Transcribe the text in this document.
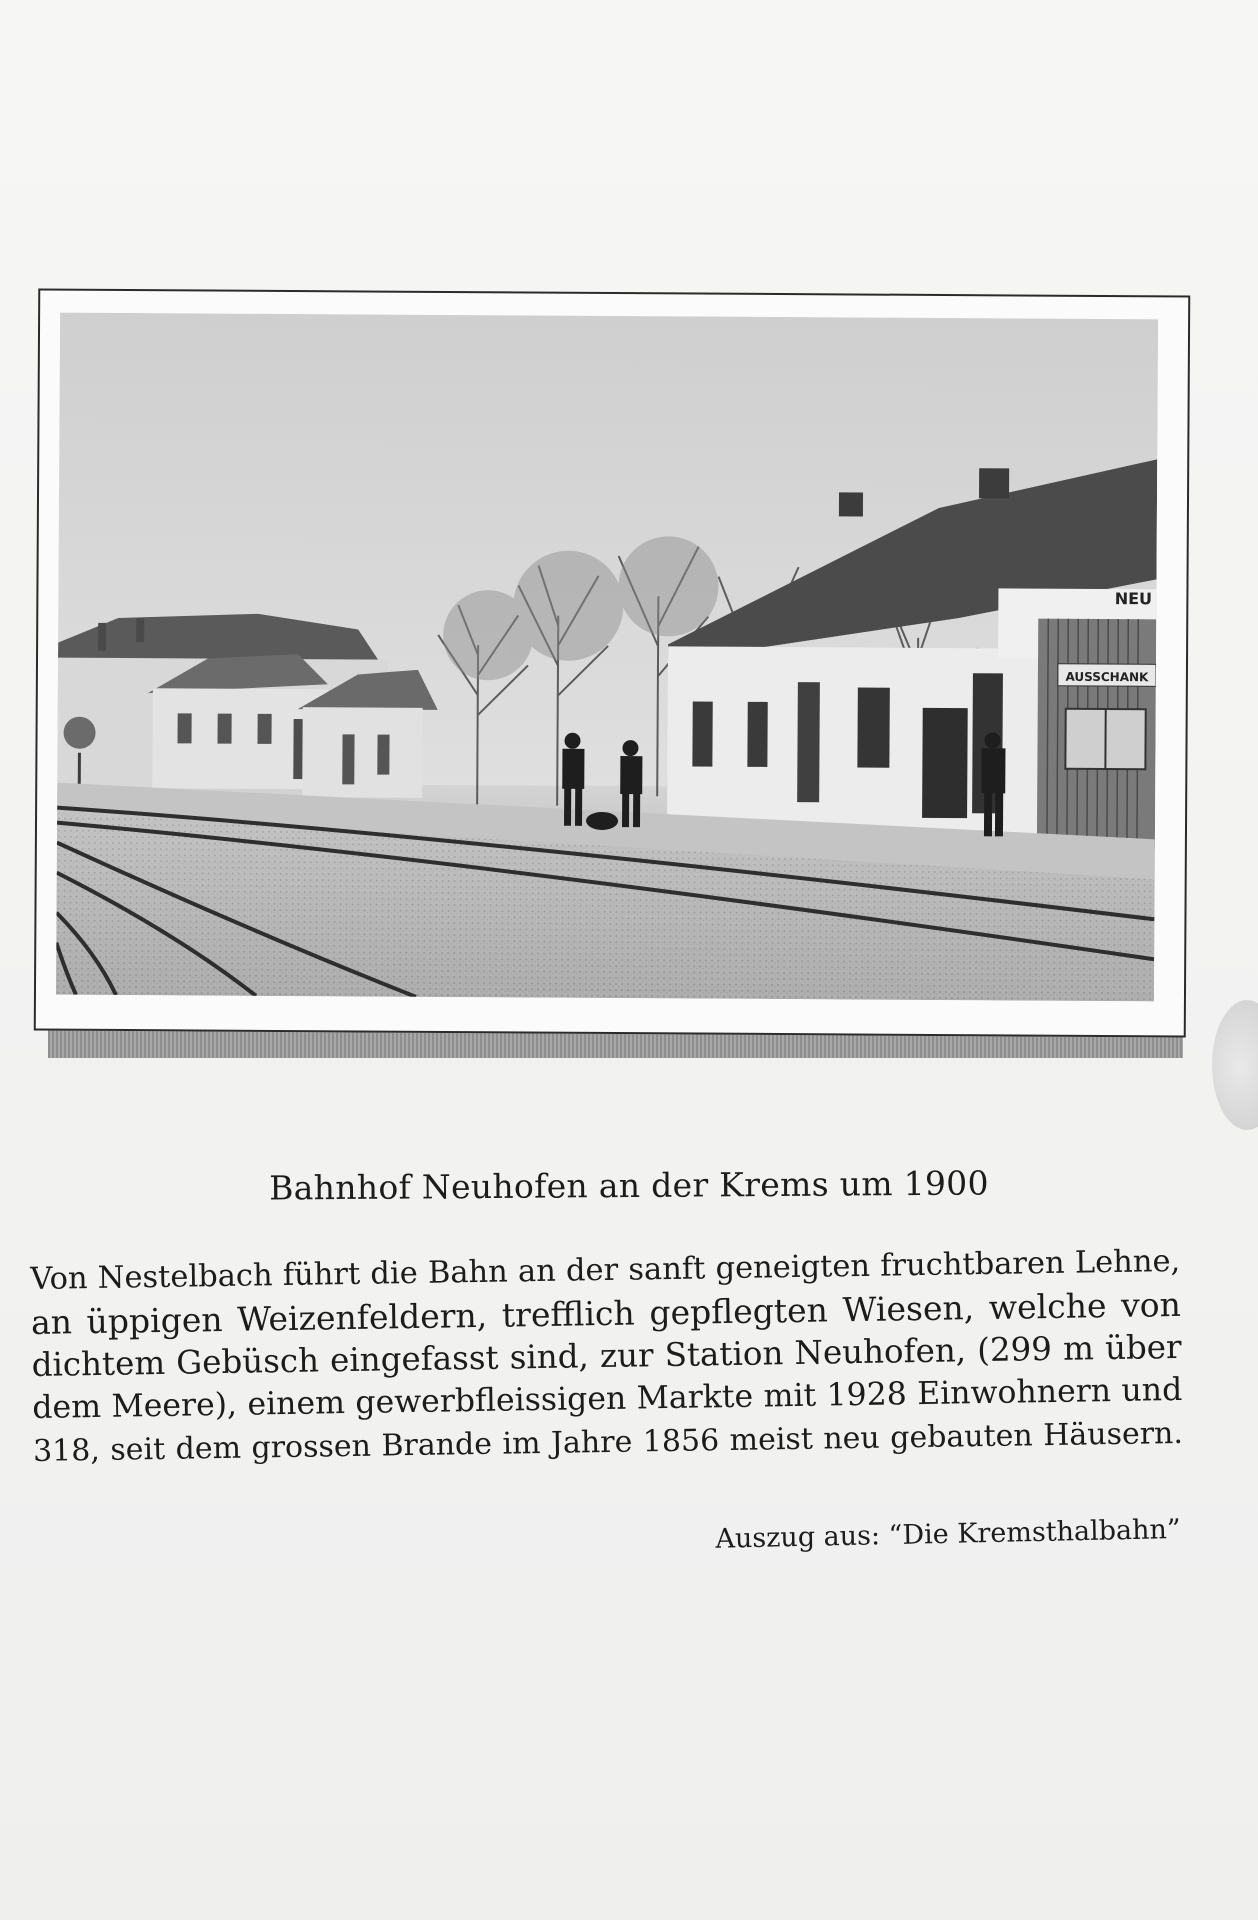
AUSSCHANK
NEU
Bahnhof Neuhofen an der Krems um 1900
Von Nestelbach führt die Bahn an der sanft geneigten fruchtbaren Lehne,
an üppigen Weizenfeldern, trefflich gepflegten Wiesen, welche von
dichtem Gebüsch eingefasst sind, zur Station Neuhofen, (299 m über
dem Meere), einem gewerbfleissigen Markte mit 1928 Einwohnern und
318, seit dem grossen Brande im Jahre 1856 meist neu gebauten Häusern.
Auszug aus: “Die Kremsthalbahn”
